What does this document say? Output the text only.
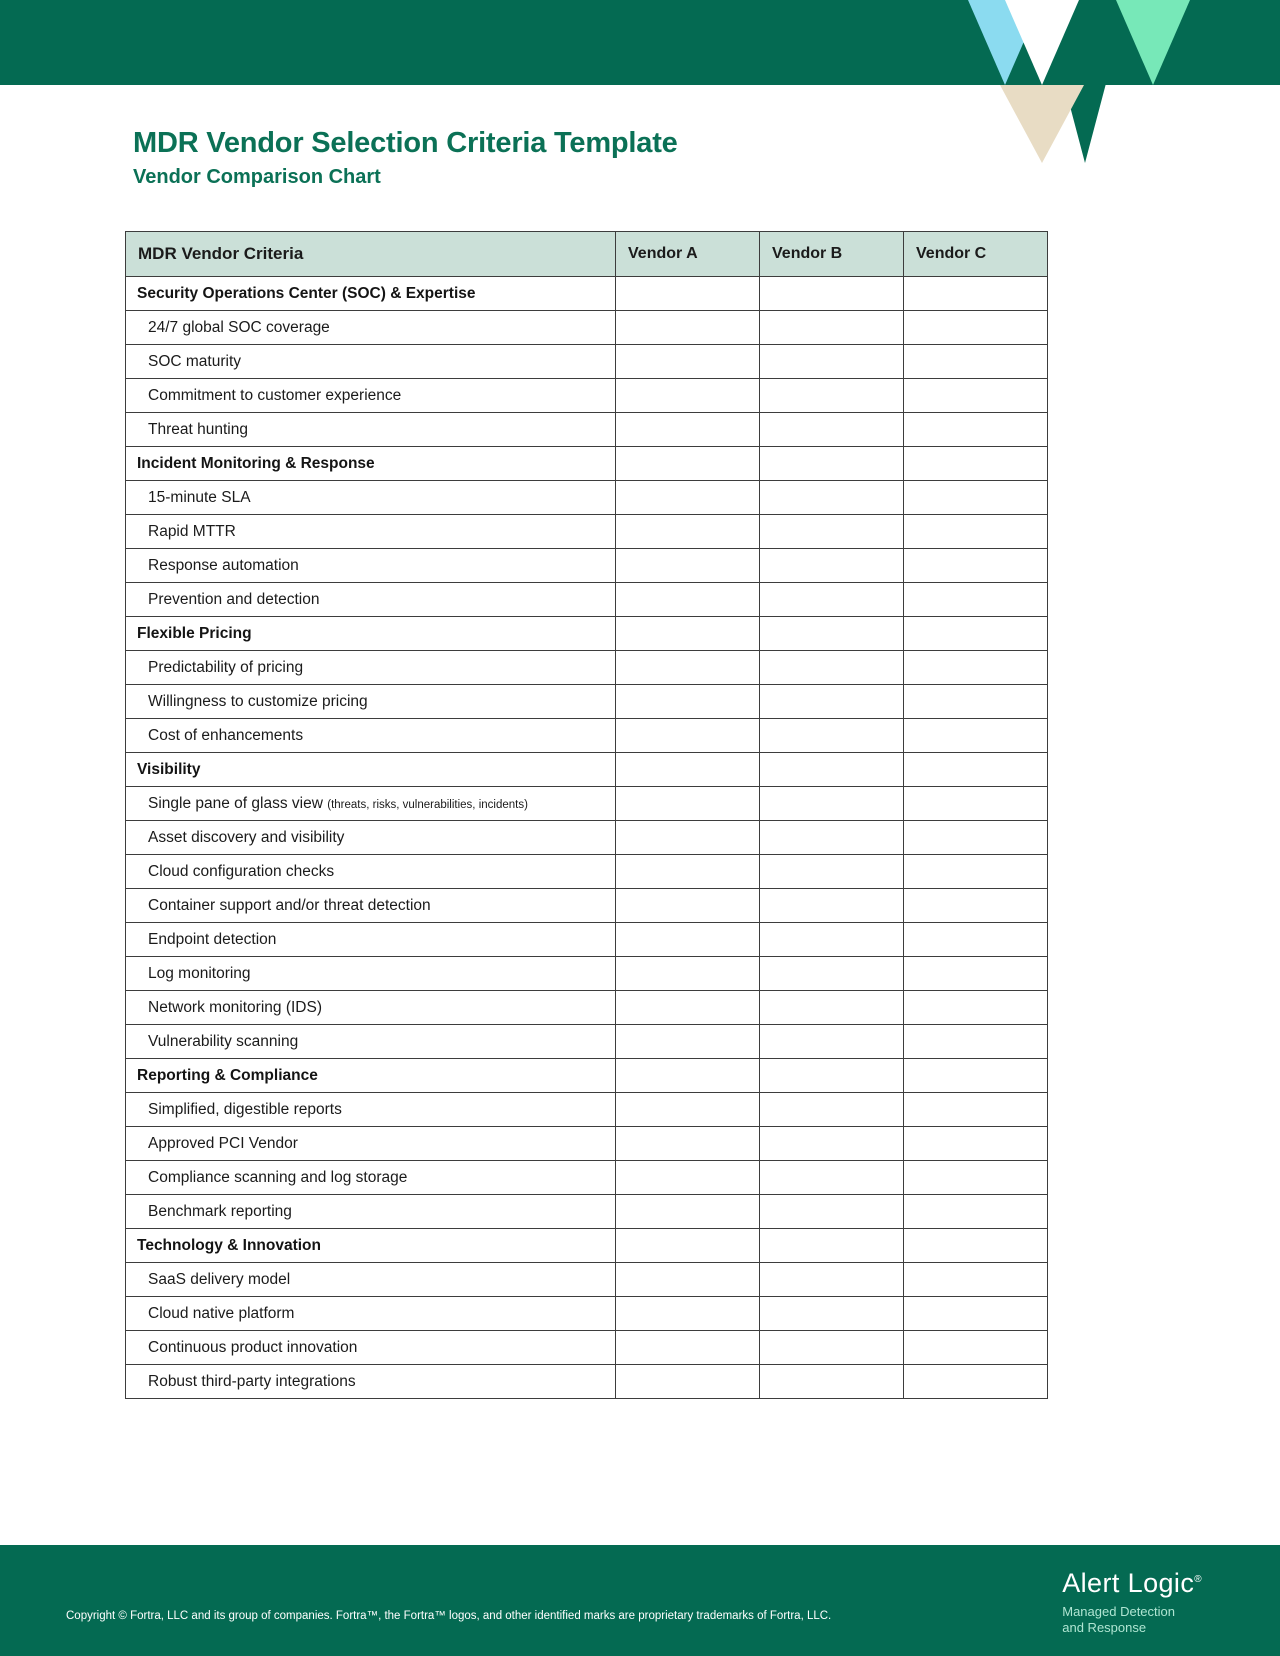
MDR Vendor Selection Criteria Template
Vendor Comparison Chart
MDR Vendor Criteria	Vendor A	Vendor B	Vendor C

Security Operations Center (SOC) & Expertise			

24/7 global SOC coverage			

SOC maturity			

Commitment to customer experience			

Threat hunting			

Incident Monitoring & Response			

15-minute SLA			

Rapid MTTR			

Response automation			

Prevention and detection			

Flexible Pricing			

Predictability of pricing			

Willingness to customize pricing			

Cost of enhancements			

Visibility			

Single pane of glass view (threats, risks, vulnerabilities, incidents)			

Asset discovery and visibility			

Cloud configuration checks			

Container support and/or threat detection			

Endpoint detection			

Log monitoring			

Network monitoring (IDS)			

Vulnerability scanning			

Reporting & Compliance			

Simplified, digestible reports			

Approved PCI Vendor			

Compliance scanning and log storage			

Benchmark reporting			

Technology & Innovation			

SaaS delivery model			

Cloud native platform			

Continuous product innovation			

Robust third-party integrations			

Copyright © Fortra, LLC and its group of companies. Fortra™, the Fortra™ logos, and other identified marks are proprietary trademarks of Fortra, LLC.
Alert Logic®
Managed Detection
and Response
